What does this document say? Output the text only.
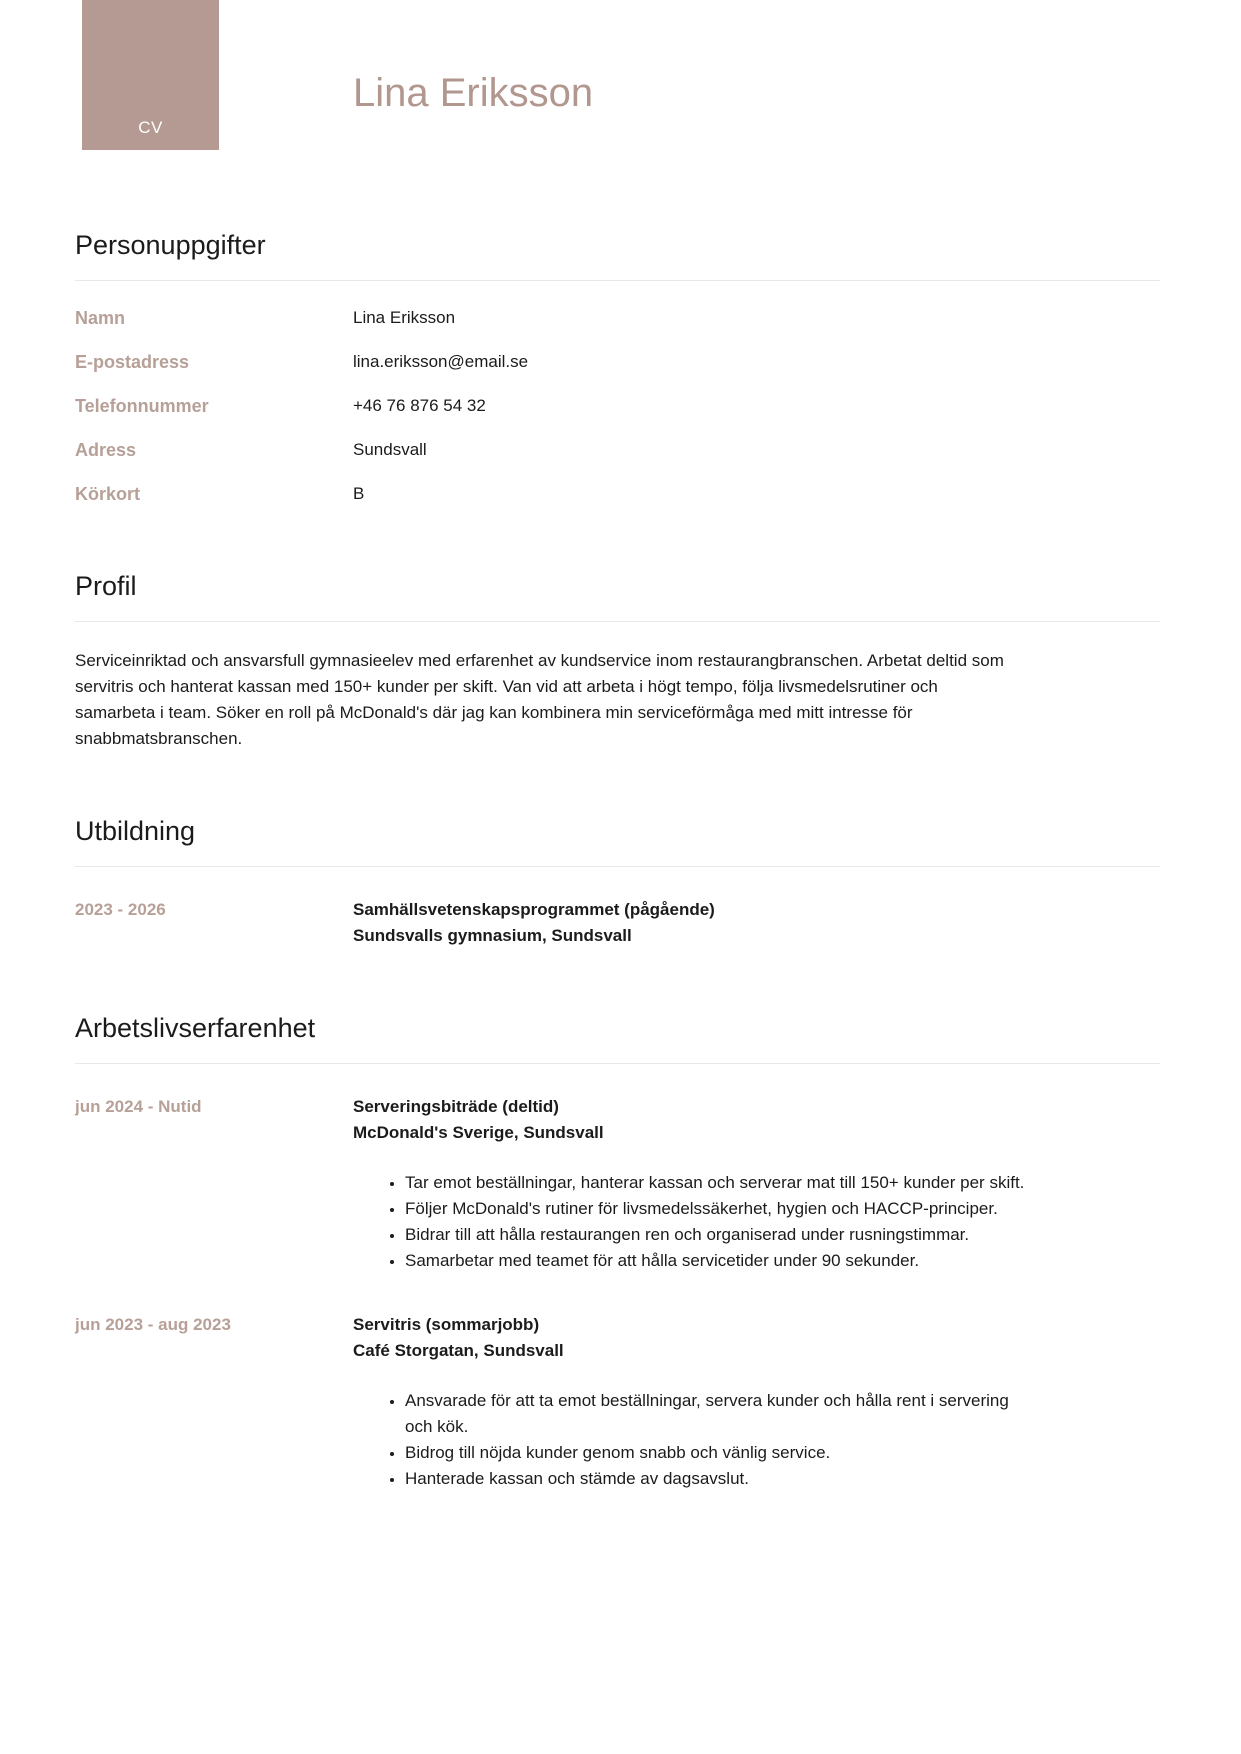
CV
Lina Eriksson
Personuppgifter
Namn	Lina Eriksson
E-postadress	lina.eriksson@email.se
Telefonnummer	+46 76 876 54 32
Adress	Sundsvall
Körkort	B
Profil

Serviceinriktad och ansvarsfull gymnasieelev med erfarenhet av kundservice inom restaurangbranschen. Arbetat deltid som servitris och hanterat kassan med 150+ kunder per skift. Van vid att arbeta i högt tempo, följa livsmedelsrutiner och samarbeta i team. Söker en roll på McDonald's där jag kan kombinera min serviceförmåga med mitt intresse för snabbmatsbranschen.

Utbildning
2023 - 2026	Samhällsvetenskapsprogrammet (pågående)
Sundsvalls gymnasium, Sundsvall
Arbetslivserfarenhet
jun 2024 - Nutid	Serveringsbiträde (deltid)
McDonald's Sverige, Sundsvall
• Tar emot beställningar, hanterar kassan och serverar mat till 150+ kunder per skift.
• Följer McDonald's rutiner för livsmedelssäkerhet, hygien och HACCP-principer.
• Bidrar till att hålla restaurangen ren och organiserad under rusningstimmar.
• Samarbetar med teamet för att hålla servicetider under 90 sekunder.
jun 2023 - aug 2023	Servitris (sommarjobb)
Café Storgatan, Sundsvall
• Ansvarade för att ta emot beställningar, servera kunder och hålla rent i servering och kök.
• Bidrog till nöjda kunder genom snabb och vänlig service.
• Hanterade kassan och stämde av dagsavslut.
